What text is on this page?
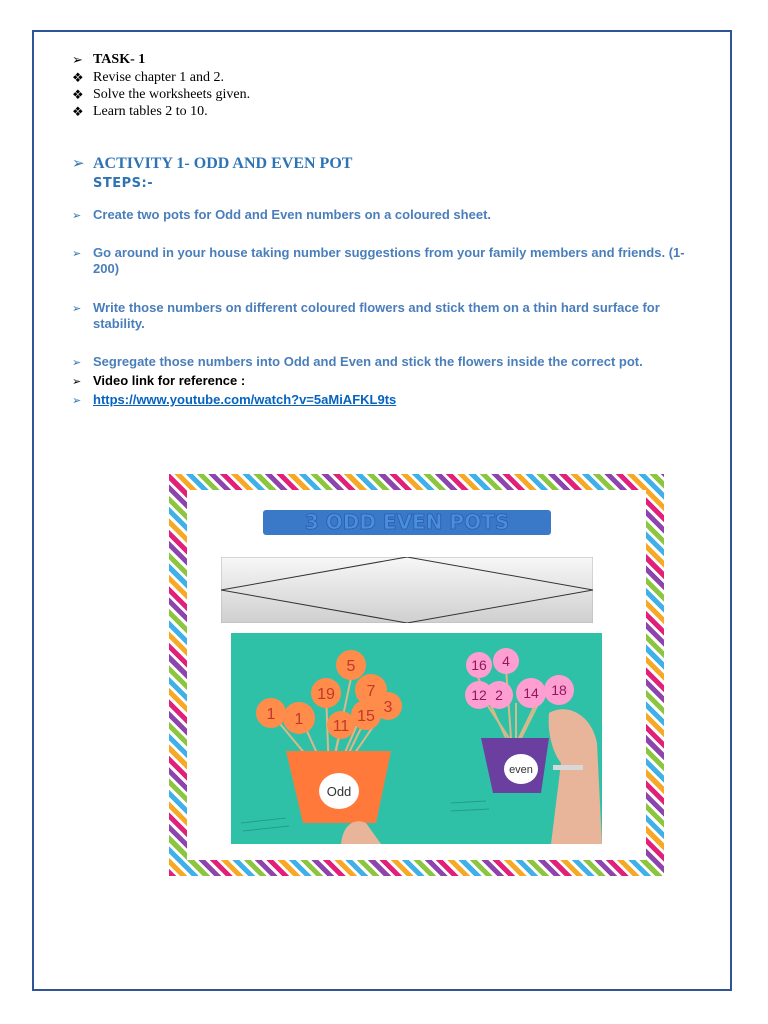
➢ TASK- 1
❖ Revise chapter 1 and 2.
❖ Solve the worksheets given.
❖ Learn tables 2 to 10.
➢ ACTIVITY 1- ODD AND EVEN POT
STEPS:-
➢ Create two pots for Odd and Even numbers on a coloured sheet.
➢ Go around in your house taking number suggestions from your family members and friends. (1-200)
➢ Write those numbers on different coloured flowers and stick them on a thin hard surface for stability.
➢ Segregate those numbers into Odd and Even and stick the flowers inside the correct pot.
➢ Video link for reference :
➢ https://www.youtube.com/watch?v=5aMiAFKL9ts
3 ODD EVEN POTS
1 1
19
5
7
11
15
3
Odd
16 4
12	14 18
2
even
